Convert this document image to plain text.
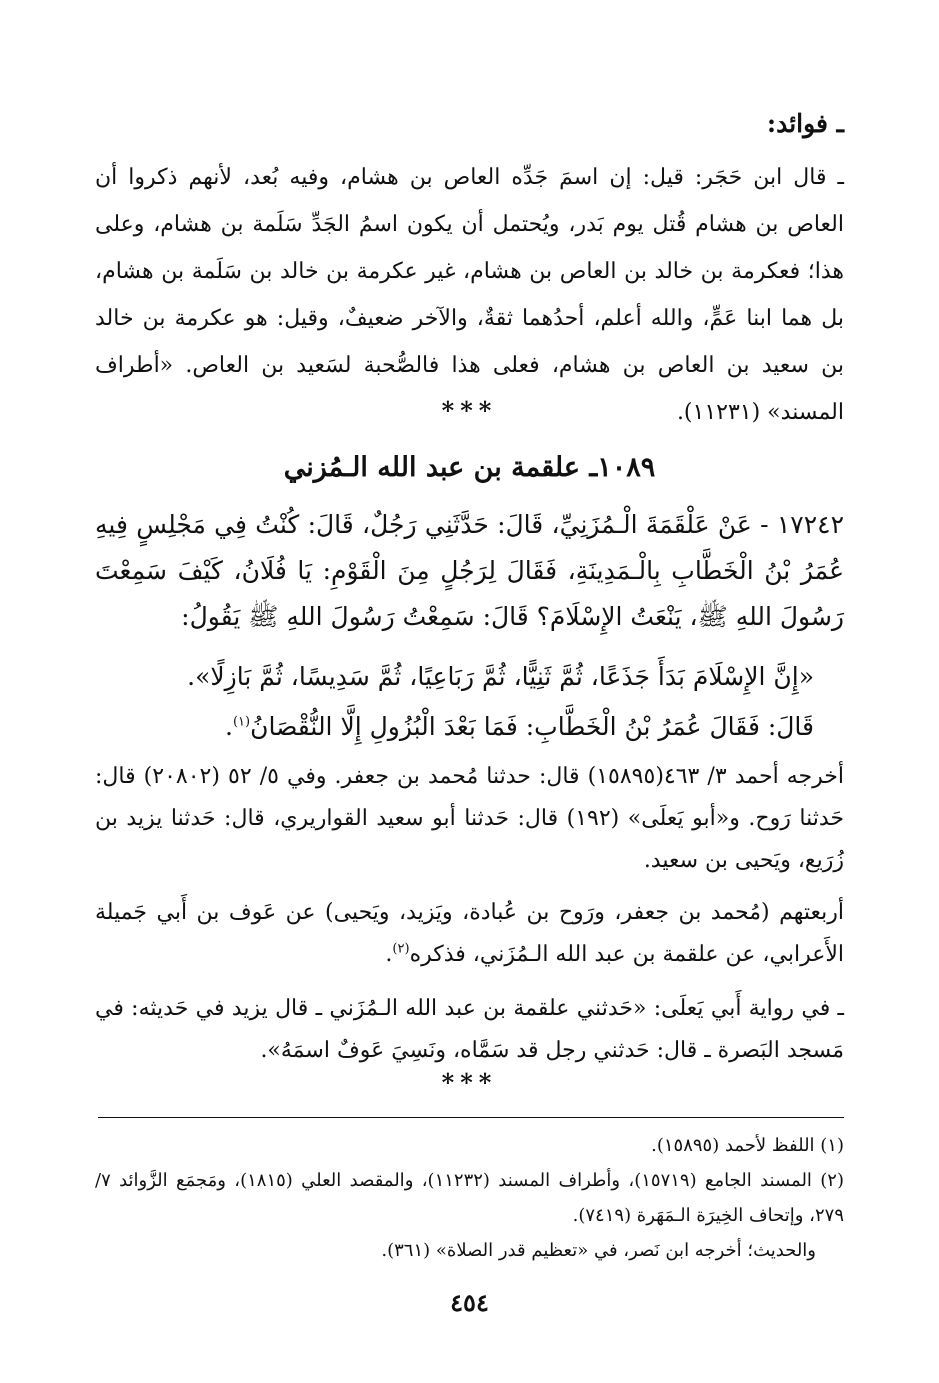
ـ فوائد:
ـ قال ابن حَجَر: قيل: إن اسمَ جَدِّه العاص بن هشام، وفيه بُعد، لأنهم ذكروا أن العاص بن هشام قُتل يوم بَدر، ويُحتمل أن يكون اسمُ الجَدِّ سَلَمة بن هشام، وعلى هذا؛ فعكرمة بن خالد بن العاص بن هشام، غير عكرمة بن خالد بن سَلَمة بن هشام، بل هما ابنا عَمٍّ، والله أعلم، أحدُهما ثقةٌ، والآخر ضعيفٌ، وقيل: هو عكرمة بن خالد بن سعيد بن العاص بن هشام، فعلى هذا فالصُّحبة لسَعيد بن العاص. «أطراف المسند» (١١٢٣١).
***
١٠٨٩ـ علقمة بن عبد الله الـمُزني
١٧٢٤٢ - عَنْ عَلْقَمَةَ الْـمُزَنِيِّ، قَالَ: حَدَّثَنِي رَجُلٌ، قَالَ: كُنْتُ فِي مَجْلِسٍ فِيهِ عُمَرُ بْنُ الْخَطَّابِ بِالْـمَدِينَةِ، فَقَالَ لِرَجُلٍ مِنَ الْقَوْمِ: يَا فُلَانُ، كَيْفَ سَمِعْتَ رَسُولَ اللهِ ﷺ، يَنْعَتُ الإِسْلَامَ؟ قَالَ: سَمِعْتُ رَسُولَ اللهِ ﷺ يَقُولُ:
«إِنَّ الإِسْلَامَ بَدَأَ جَذَعًا، ثُمَّ ثَنِيًّا، ثُمَّ رَبَاعِيًا، ثُمَّ سَدِيسًا، ثُمَّ بَازِلًا».
قَالَ: فَقَالَ عُمَرُ بْنُ الْخَطَّابِ: فَمَا بَعْدَ الْبُزُولِ إِلَّا النُّقْصَانُ$^{(١)}$.
أخرجه أحمد ٣/ ٤٦٣(١٥٨٩٥) قال: حدثنا مُحمد بن جعفر. وفي ٥/ ٥٢ (٢٠٨٠٢) قال: حَدثنا رَوح. و«أبو يَعلَى» (١٩٢) قال: حَدثنا أبو سعيد القواريري، قال: حَدثنا يزيد بن زُرَيع، ويَحيى بن سعيد.
أربعتهم (مُحمد بن جعفر، ورَوح بن عُبادة، ويَزيد، ويَحيى) عن عَوف بن أَبي جَميلة الأَعرابي، عن علقمة بن عبد الله الـمُزَني، فذكره$^{(٢)}$.
ـ في رواية أَبي يَعلَى: «حَدثني علقمة بن عبد الله الـمُزَني ـ قال يزيد في حَديثه: في مَسجد البَصرة ـ قال: حَدثني رجل قد سَمَّاه، ونَسِيَ عَوفٌ اسمَهُ».
***
(١) اللفظ لأحمد (١٥٨٩٥).
(٢) المسند الجامع (١٥٧١٩)، وأطراف المسند (١١٢٣٢)، والمقصد العلي (١٨١٥)، ومَجمَع الزَّوائد ٧/ ٢٧٩، وإتحاف الخِيرَة الـمَهَرة (٧٤١٩).
والحديث؛ أخرجه ابن نَصر، في «تعظيم قدر الصلاة» (٣٦١).
٤٥٤
